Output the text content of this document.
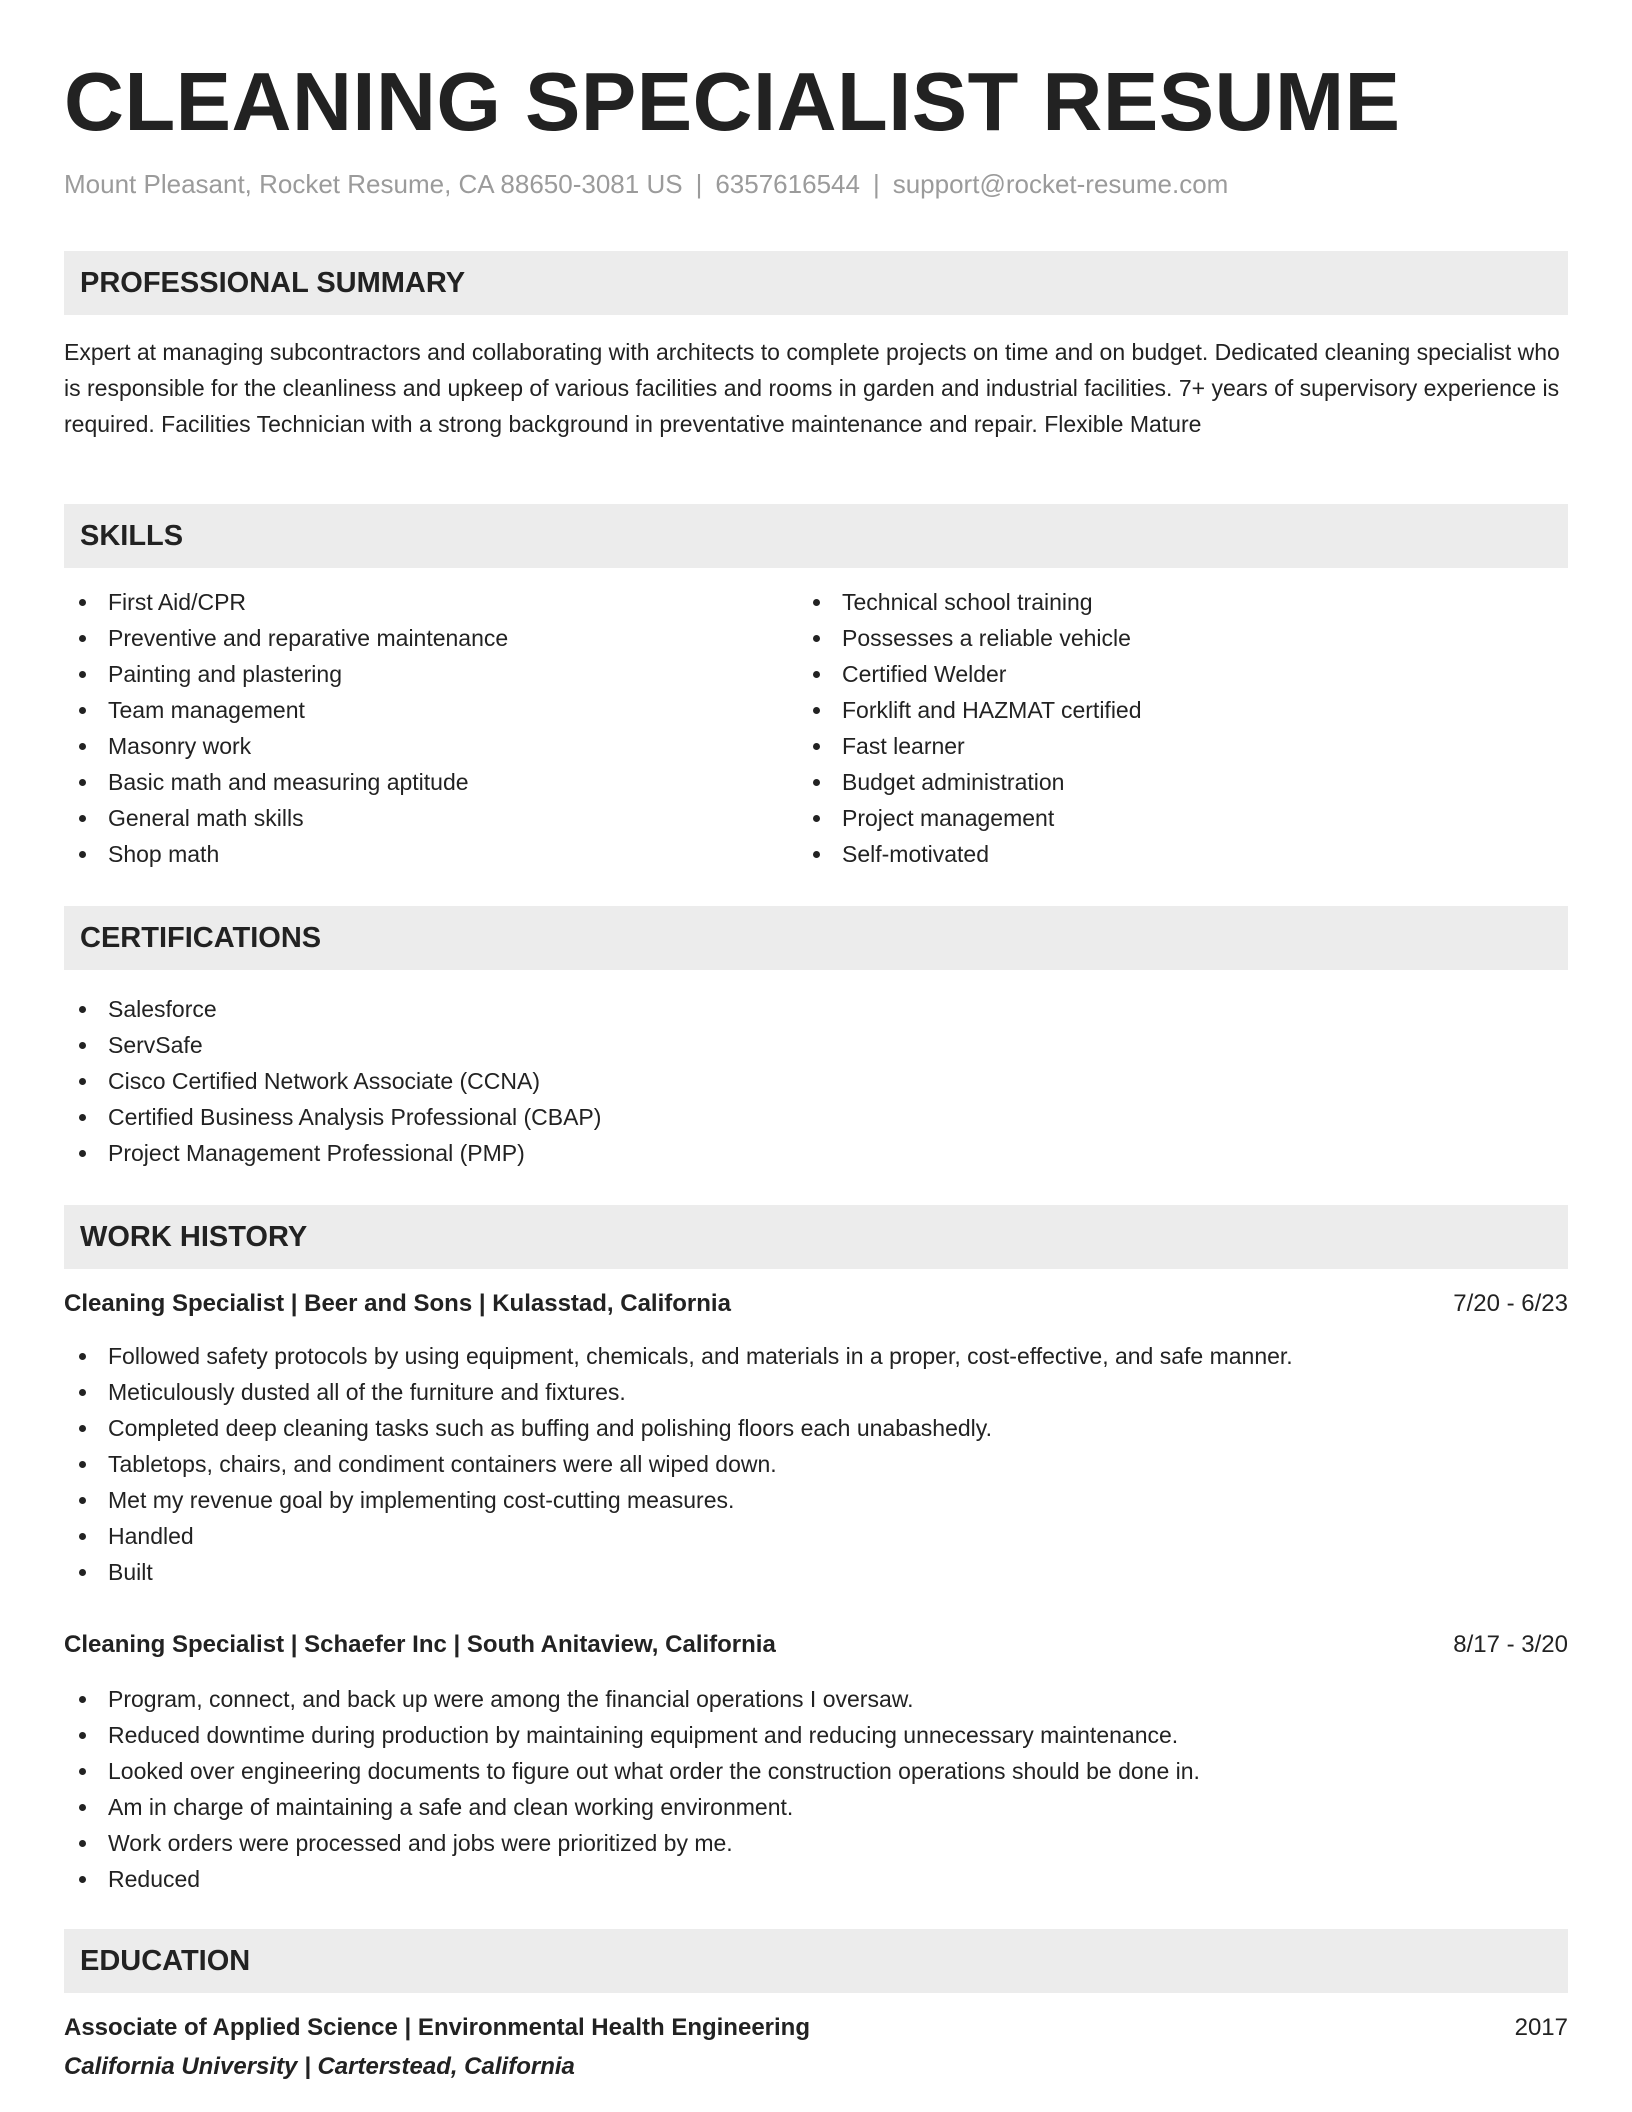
CLEANING SPECIALIST RESUME
Mount Pleasant, Rocket Resume, CA 88650-3081 US | 6357616544 | support@rocket-resume.com
PROFESSIONAL SUMMARY

Expert at managing subcontractors and collaborating with architects to complete projects on time and on budget. Dedicated cleaning specialist who is responsible for the cleanliness and upkeep of various facilities and rooms in garden and industrial facilities. 7+ years of supervisory experience is required. Facilities Technician with a strong background in preventative maintenance and repair. Flexible Mature

SKILLS
First Aid/CPR
Preventive and reparative maintenance
Painting and plastering
Team management
Masonry work
Basic math and measuring aptitude
General math skills
Shop math
Technical school training
Possesses a reliable vehicle
Certified Welder
Forklift and HAZMAT certified
Fast learner
Budget administration
Project management
Self-motivated
CERTIFICATIONS
Salesforce
ServSafe
Cisco Certified Network Associate (CCNA)
Certified Business Analysis Professional (CBAP)
Project Management Professional (PMP)
WORK HISTORY
Cleaning Specialist | Beer and Sons | Kulasstad, California	7/20 - 6/23
Followed safety protocols by using equipment, chemicals, and materials in a proper, cost-effective, and safe manner.
Meticulously dusted all of the furniture and fixtures.
Completed deep cleaning tasks such as buffing and polishing floors each unabashedly.
Tabletops, chairs, and condiment containers were all wiped down.
Met my revenue goal by implementing cost-cutting measures.
Handled
Built
Cleaning Specialist | Schaefer Inc | South Anitaview, California	8/17 - 3/20
Program, connect, and back up were among the financial operations I oversaw.
Reduced downtime during production by maintaining equipment and reducing unnecessary maintenance.
Looked over engineering documents to figure out what order the construction operations should be done in.
Am in charge of maintaining a safe and clean working environment.
Work orders were processed and jobs were prioritized by me.
Reduced
EDUCATION
Associate of Applied Science | Environmental Health Engineering	2017
California University | Carterstead, California
